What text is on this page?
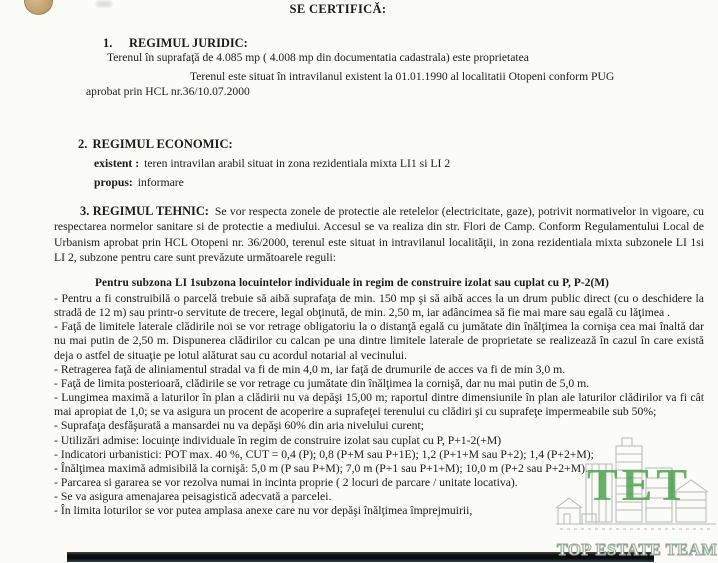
SE CERTIFICĂ:
1. REGIMUL JURIDIC:
Terenul în suprafaţă de 4.085 mp ( 4.008 mp din documentatia cadastrala) este proprietatea
Terenul este situat în intravilanul existent la 01.01.1990 al localitatii Otopeni conform PUG
aprobat prin HCL nr.36/10.07.2000
2. REGIMUL ECONOMIC:
existent : teren intravilan arabil situat in zona rezidentiala mixta LI1 si LI 2
propus: informare
3. REGIMUL TEHNIC: Se vor respecta zonele de protectie ale retelelor (electricitate, gaze), potrivit normativelor in vigoare, cu respectarea normelor sanitare si de protectie a mediului. Accesul se va realiza din str. Flori de Camp. Conform Regulamentului Local de Urbanism aprobat prin HCL Otopeni nr. 36/2000, terenul este situat in intravilanul localităţii, in zona rezidentiala mixta subzonele LI 1si LI 2, subzone pentru care sunt prevăzute următoarele reguli:
Pentru subzona LI 1subzona locuintelor individuale in regim de construire izolat sau cuplat cu P, P-2(M)

- Pentru a fi construibilă o parcelă trebuie să aibă suprafaţa de min. 150 mp şi să aibă acces la un drum public direct (cu o deschidere la stradă de 12 m) sau printr-o servitute de trecere, legal obţinută, de min. 2,50 m, iar adâncimea să fie mai mare sau egală cu lăţimea .

- Faţă de limitele laterale clădirile noi se vor retrage obligatoriu la o distanţă egală cu jumătate din înălţimea la cornişa cea mai înaltă dar nu mai putin de 2,50 m. Dispunerea clădirilor cu calcan pe una dintre limitele laterale de proprietate se realizează în cazul în care există deja o astfel de situaţie pe lotul alăturat sau cu acordul notarial al vecinului.

- Retragerea faţă de aliniamentul stradal va fi de min 4,0 m, iar faţă de drumurile de acces va fi de min 3,0 m.

- Faţă de limita posterioară, clădirile se vor retrage cu jumătate din înălţimea la cornişă, dar nu mai putin de 5,0 m.

- Lungimea maximă a laturilor în plan a clădirii nu va depăşi 15,00 m; raportul dintre dimensiunile în plan ale laturilor clădirilor va fi cât mai apropiat de 1,0; se va asigura un procent de acoperire a suprafeţei terenului cu clădiri şi cu suprafeţe impermeabile sub 50%;

- Suprafaţa desfăşurată a mansardei nu va depăşi 60% din aria nivelului curent;

- Utilizări admise: locuinţe individuale în regim de construire izolat sau cuplat cu P, P+1-2(+M)

- Indicatori urbanistici: POT max. 40 %, CUT = 0,4 (P); 0,8 (P+M sau P+1E); 1,2 (P+1+M sau P+2); 1,4 (P+2+M);

- Înălţimea maximă admisibilă la cornişă: 5,0 m (P sau P+M); 7,0 m (P+1 sau P+1+M); 10,0 m (P+2 sau P+2+M).

- Parcarea si gararea se vor rezolva numai in incinta proprie ( 2 locuri de parcare / unitate locativa).

- Se va asigura amenajarea peisagistică adecvată a parcelei.

- În limita loturilor se vor putea amplasa anexe care nu vor depăşi înălţimea împrejmuirii,

TET
TOP ESTATE TEAM
